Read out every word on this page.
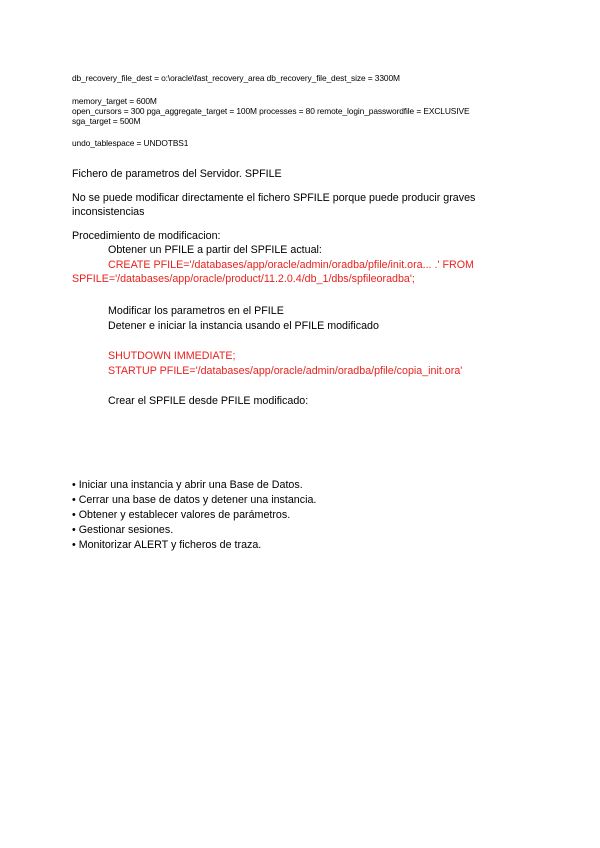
db_recovery_file_dest = o:\oracle\fast_recovery_area db_recovery_file_dest_size = 3300M
memory_target = 600M
open_cursors = 300 pga_aggregate_target = 100M processes = 80 remote_login_passwordfile = EXCLUSIVE
sga_target = 500M
undo_tablespace = UNDOTBS1
Fichero de parametros del Servidor. SPFILE
No se puede modificar directamente el fichero SPFILE porque puede producir graves
inconsistencias
Procedimiento de modificacion:
Obtener un PFILE a partir del SPFILE actual:
CREATE PFILE='/databases/app/oracle/admin/oradba/pfile/init.ora... .' FROM
SPFILE='/databases/app/oracle/product/11.2.0.4/db_1/dbs/spfileoradba';
Modificar los parametros en el PFILE
Detener e iniciar la instancia usando el PFILE modificado
SHUTDOWN IMMEDIATE;
STARTUP PFILE='/databases/app/oracle/admin/oradba/pfile/copia_init.ora'
Crear el SPFILE desde PFILE modificado:
• Iniciar una instancia y abrir una Base de Datos.
• Cerrar una base de datos y detener una instancia.
• Obtener y establecer valores de parámetros.
• Gestionar sesiones.
• Monitorizar ALERT y ficheros de traza.
